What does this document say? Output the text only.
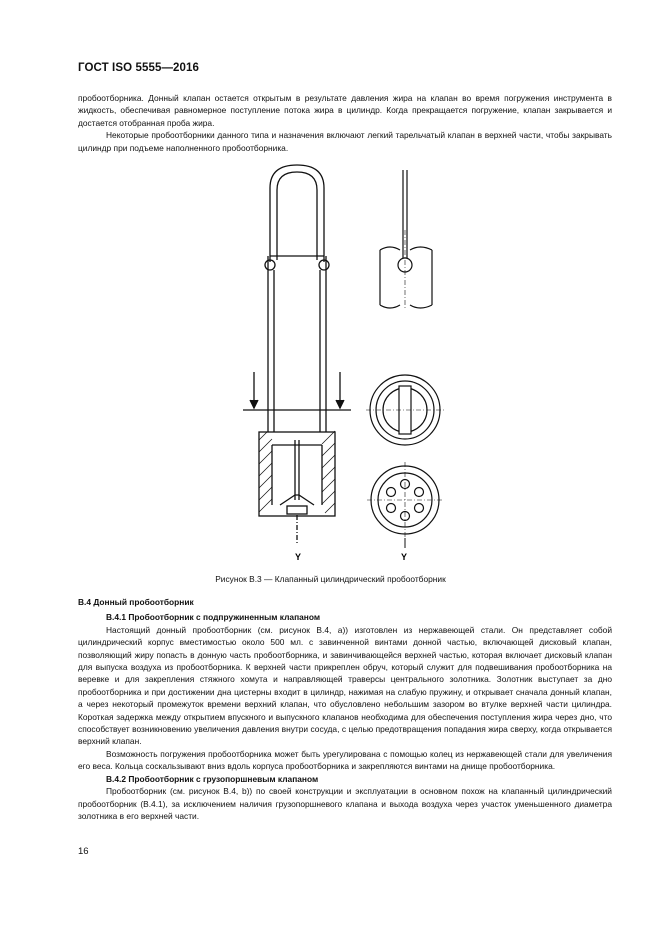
ГОСТ ISO 5555—2016

пробоотборника. Донный клапан остается открытым в результате давления жира на клапан во время погружения инструмента в жидкость, обеспечивая равномерное поступление потока жира в цилиндр. Когда прекращается погружение, клапан закрывается и достается отобранная проба жира.

Некоторые пробоотборники данного типа и назначения включают легкий тарельчатый клапан в верхней части, чтобы закрывать цилиндр при подъеме наполненного пробоотборника.

Y	Y
Рисунок В.3 — Клапанный цилиндрический пробоотборник

В.4 Донный пробоотборник

В.4.1 Пробоотборник с подпружиненным клапаном

Настоящий донный пробоотборник (см. рисунок В.4, а)) изготовлен из нержавеющей стали. Он представляет собой цилиндрический корпус вместимостью около 500 мл. с завинченной винтами донной частью, включающей дисковый клапан, позволяющий жиру попасть в донную часть пробоотборника, и завинчивающейся верхней частью, которая включает дисковый клапан для выпуска воздуха из пробоотборника. К верхней части прикреплен обруч, который служит для подвешивания пробоотборника на веревке и для закрепления стяжного хомута и направляющей траверсы центрального золотника. Золотник выступает за дно пробоотборника и при достижении дна цистерны входит в цилиндр, нажимая на слабую пружину, и открывает сначала донный клапан, а через некоторый промежуток времени верхний клапан, что обусловлено небольшим зазором во втулке верхней части цилиндра. Короткая задержка между открытием впускного и выпускного клапанов необходима для обеспечения поступления жира через дно, что способствует возникновению увеличения давления внутри сосуда, с целью предотвращения попадания жира сверху, когда открывается верхний клапан.

Возможность погружения пробоотборника может быть урегулирована с помощью колец из нержавеющей стали для увеличения его веса. Кольца соскальзывают вниз вдоль корпуса пробоотборника и закрепляются винтами на днище пробоотборника.

В.4.2 Пробоотборник с грузопоршневым клапаном

Пробоотборник (см. рисунок В.4, b)) по своей конструкции и эксплуатации в основном похож на клапанный цилиндрический пробоотборник (В.4.1), за исключением наличия грузопоршневого клапана и выхода воздуха через участок уменьшенного диаметра золотника в его верхней части.

16
